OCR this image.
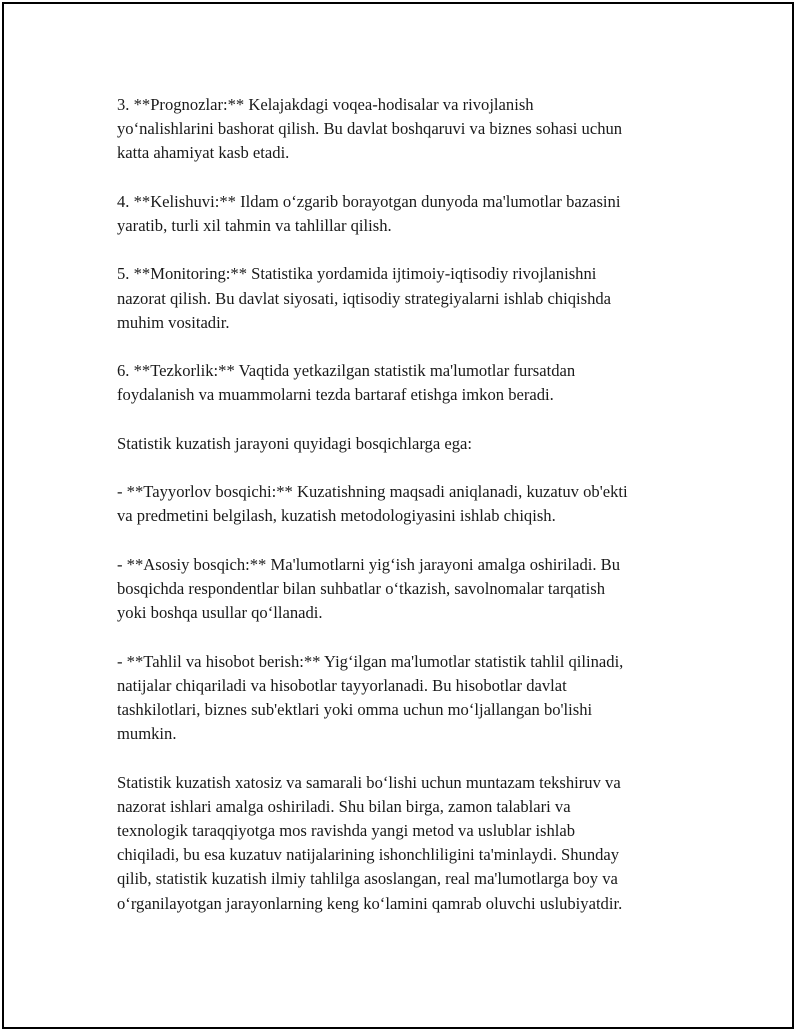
3. **Prognozlar:** Kelajakdagi voqea-hodisalar va rivojlanish
yo‘nalishlarini bashorat qilish. Bu davlat boshqaruvi va biznes sohasi uchun
katta ahamiyat kasb etadi.

4. **Kelishuvi:** Ildam o‘zgarib borayotgan dunyoda ma'lumotlar bazasini
yaratib, turli xil tahmin va tahlillar qilish.

5. **Monitoring:** Statistika yordamida ijtimoiy-iqtisodiy rivojlanishni
nazorat qilish. Bu davlat siyosati, iqtisodiy strategiyalarni ishlab chiqishda
muhim vositadir.

6. **Tezkorlik:** Vaqtida yetkazilgan statistik ma'lumotlar fursatdan
foydalanish va muammolarni tezda bartaraf etishga imkon beradi.

Statistik kuzatish jarayoni quyidagi bosqichlarga ega:

- **Tayyorlov bosqichi:** Kuzatishning maqsadi aniqlanadi, kuzatuv ob'ekti
va predmetini belgilash, kuzatish metodologiyasini ishlab chiqish.

- **Asosiy bosqich:** Ma'lumotlarni yig‘ish jarayoni amalga oshiriladi. Bu
bosqichda respondentlar bilan suhbatlar o‘tkazish, savolnomalar tarqatish
yoki boshqa usullar qo‘llanadi.

- **Tahlil va hisobot berish:** Yig‘ilgan ma'lumotlar statistik tahlil qilinadi,
natijalar chiqariladi va hisobotlar tayyorlanadi. Bu hisobotlar davlat
tashkilotlari, biznes sub'ektlari yoki omma uchun mo‘ljallangan bo'lishi
mumkin.

Statistik kuzatish xatosiz va samarali bo‘lishi uchun muntazam tekshiruv va
nazorat ishlari amalga oshiriladi. Shu bilan birga, zamon talablari va
texnologik taraqqiyotga mos ravishda yangi metod va uslublar ishlab
chiqiladi, bu esa kuzatuv natijalarining ishonchliligini ta'minlaydi. Shunday
qilib, statistik kuzatish ilmiy tahlilga asoslangan, real ma'lumotlarga boy va
o‘rganilayotgan jarayonlarning keng ko‘lamini qamrab oluvchi uslubiyatdir.
